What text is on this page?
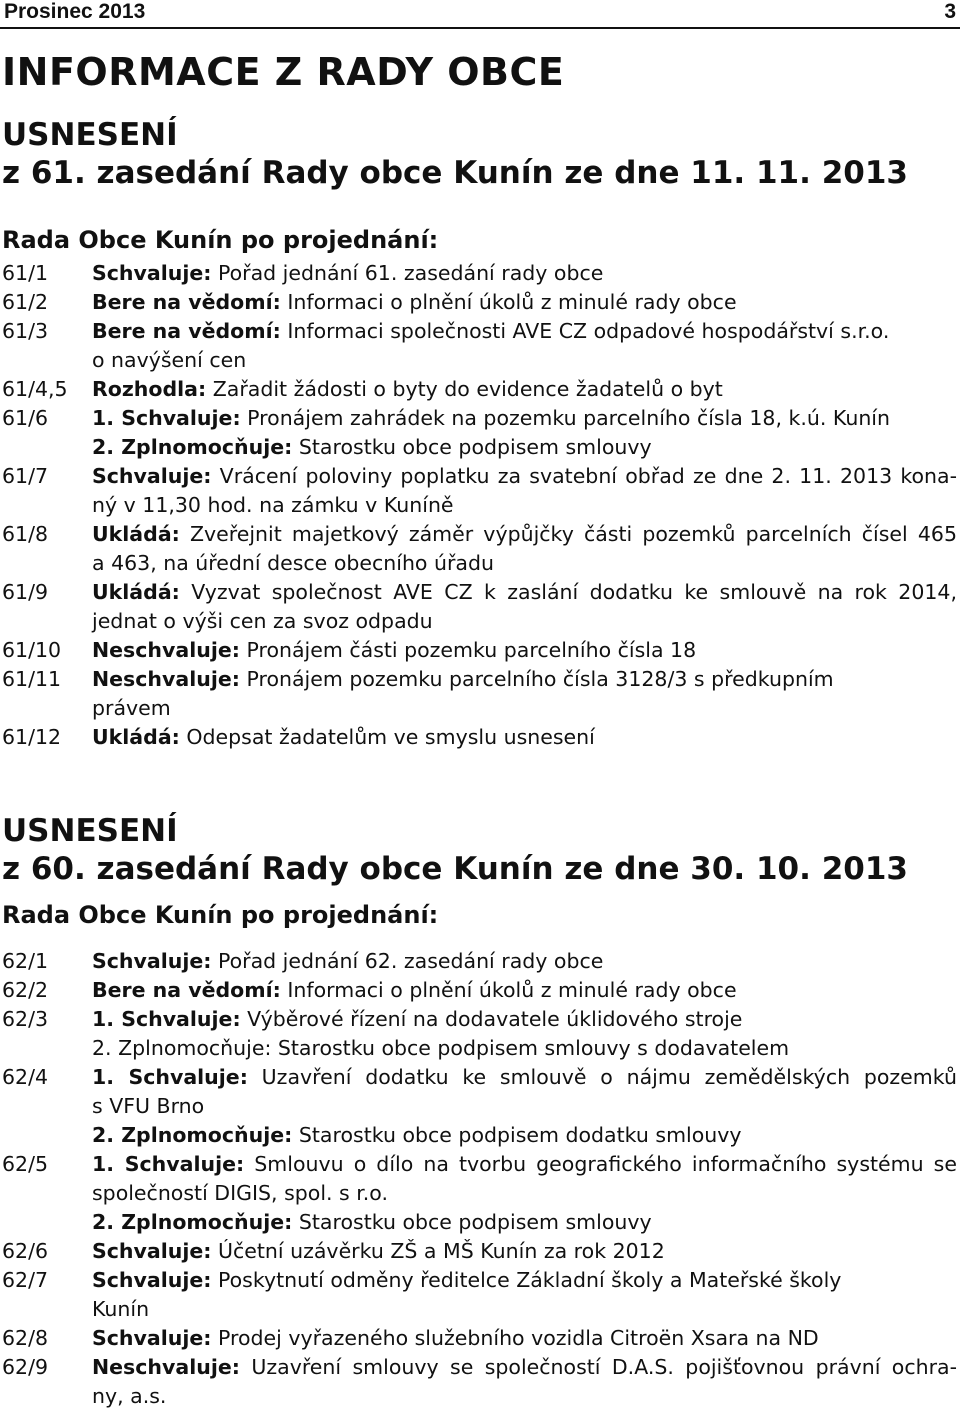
Prosinec 2013	3
INFORMACE Z RADY OBCE
USNESENÍ
z 61. zasedání Rady obce Kunín ze dne 11. 11. 2013
Rada Obce Kunín po projednání:
61/1	Schvaluje: Pořad jednání 61. zasedání rady obce
61/2	Bere na vědomí: Informaci o plnění úkolů z minulé rady obce
61/3	Bere na vědomí: Informaci společnosti AVE CZ odpadové hospodářství s.r.o.
o navýšení cen
61/4,5	Rozhodla: Zařadit žádosti o byty do evidence žadatelů o byt
61/6	1. Schvaluje: Pronájem zahrádek na pozemku parcelního čísla 18, k.ú. Kunín
2. Zplnomocňuje: Starostku obce podpisem smlouvy
61/7	Schvaluje: Vrácení poloviny poplatku za svatební obřad ze dne 2. 11. 2013 kona-
ný v 11,30 hod. na zámku v Kuníně
61/8	Ukládá: Zveřejnit majetkový záměr výpůjčky části pozemků parcelních čísel 465
a 463, na úřední desce obecního úřadu
61/9	Ukládá: Vyzvat společnost AVE CZ k zaslání dodatku ke smlouvě na rok 2014,
jednat o výši cen za svoz odpadu
61/10	Neschvaluje: Pronájem části pozemku parcelního čísla 18
61/11	Neschvaluje: Pronájem pozemku parcelního čísla 3128/3 s předkupním
právem
61/12	Ukládá: Odepsat žadatelům ve smyslu usnesení
USNESENÍ
z 60. zasedání Rady obce Kunín ze dne 30. 10. 2013
Rada Obce Kunín po projednání:
62/1	Schvaluje: Pořad jednání 62. zasedání rady obce
62/2	Bere na vědomí: Informaci o plnění úkolů z minulé rady obce
62/3	1. Schvaluje: Výběrové řízení na dodavatele úklidového stroje
2. Zplnomocňuje: Starostku obce podpisem smlouvy s dodavatelem
62/4	1. Schvaluje: Uzavření dodatku ke smlouvě o nájmu zemědělských pozemků
s VFU Brno
2. Zplnomocňuje: Starostku obce podpisem dodatku smlouvy
62/5	1. Schvaluje: Smlouvu o dílo na tvorbu geografického informačního systému se
společností DIGIS, spol. s r.o.
2. Zplnomocňuje: Starostku obce podpisem smlouvy
62/6	Schvaluje: Účetní uzávěrku ZŠ a MŠ Kunín za rok 2012
62/7	Schvaluje: Poskytnutí odměny ředitelce Základní školy a Mateřské školy
Kunín
62/8	Schvaluje: Prodej vyřazeného služebního vozidla Citroën Xsara na ND
62/9	Neschvaluje: Uzavření smlouvy se společností D.A.S. pojišťovnou právní ochra-
ny, a.s.
